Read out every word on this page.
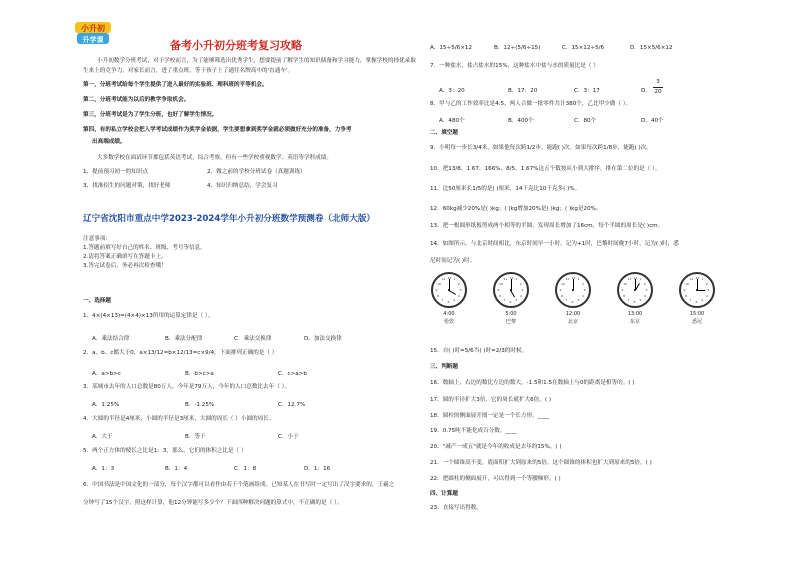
小升初
升学课	备考小升初分班考复习攻略
小升初数学分班考试，对于学校而言，为了能够筛选出优秀学生，想要提前了解学生的知识储备和学习能力，掌握学校的择优录取
生来上的竞争力。对家长而言，进了重点班，等于孩子上了通往名牌高中的'直通车'。
第一，分班考试给每个学生提供了进入最好的实验班、理科班的平等机会。
第二，分班考试能为以后的教学争取机会。
第三，分班考试是为了学生分班，也好了解学生情况。
第四，有的私立学校会把入学考试成绩作为奖学金依据，学生要想拿到奖学金就必须做好充分的准备，力争考
出高端成绩。
大多数学校在面试环节都包括英语考试，综合考察，但有一些学校重视数学、英语等学科成绩。
1、提前预习初一的知识点	2、做之前的学校分班试卷（真题训练）
3、找准招生的问题对策，找好老师	4、知识归纳总结，学会复习
辽宁省沈阳市重点中学2023-2024学年小升初分班数学预测卷（北师大版）
注意事项：
1.答题前填写好自己的姓名、班级、考号等信息。
2.请将答案正确填写在答题卡上。
3.答完试卷后，务必再次检查哦！
一、选择题
1．4×(4×13)=(4×4)×13所用的运算定律是（ ）。
A．乘法结合律	B．乘法分配律	C．乘法交换律	D．加法交换律
2．a、b、c都大于0，a×13/12=b×12/13=c×9/4，下面排列正确的是（ ）
A．a>b>c	B．b>c>a	C．c>a>b
3．某城市去年的人口总数是80万人，今年是79万人，今年的人口总数比去年（ ）。
A．1.25%	B．-1.25%	C．12.7%
4．大圆的半径是4厘米，小圆的半径是3厘米，大圆的周长（ ）小圆的周长。
A．大于	B．等于	C．小于
5．两个正方体的棱长之比是1：3，那么，它们的体积之比是（ ）
A．1：3	B．1：4	C．1：8	D．1：16
6．中国书法是中国文化的一部分，每个汉字都可以看作由若干个笔画组成。已知某人在书写时一定写出了汉字要求的，王羲之
分钟写了15个汉字，照这样计算，他12分钟能写多少个？下面四种解决问题的算式中，不正确的是（ ）。
A．15÷5/6×12	B．12÷(5/6÷15)	C．15×12÷5/6	D．15×5/6×12
7．一种盐水，盐占盐水的15%，这种盐水中盐与水的质量比是（ ）
A．3：20	B．17：20	C．3：17	D．
3
20
8．甲与乙的工作效率比是4:5，两人合做一批零件共计380个，乙比甲少做（ ）。
A．480个	B．400个	C．80个	D．40个
二、填空题
9．小明每一步长3/4米，如果他每次跨1/2步，能跑( )次。如果每次跨1/8步，能跑( )次。
10．把13/8、1.67、166%、8/5、1.67%这五个数按从小到大排序，排在第二位的是（ ）。
11．比50厘米长1/5的是( )厘米，14千克比10千克多( )%。
12．60kg减少20%是( )kg；( )kg增加20%是( )kg；( )kg是20%。
13．把一根圆形纸板剪成两个相等的半圆，发现周长增加了16cm，每个半圆的周长是( )cm。
14．如图所示，与北京时间相比，东京时间早一小时，记为+1时，巴黎时间晚7小时，记为( )时，悉
尼时间记为( )时。
1
2
3
4
5
6
7
8
9
10
11 12
4:00
伦敦
1
2
3
4
5
6
7
8
9
10
11 12
5:00
巴黎
1
2
3
4
5
6
7
8
9
10
11 12
12:00
北京
1
2
3
4
5
6
7
8
9
10
11 12
13:00
东京
1
2
3
4
5
6
7
8
9
10
11 12
15:00
悉尼
15．自( )时=5/6当( )时=2/3的时候。
三、判断题
16．数轴上，右边的数比左边的数大，-1.5和1.5在数轴上与0的距离是相等的。( )
17．圆的半径扩大3倍，它的周长就扩大6倍。( )
18．圆柱的侧面展开图一定是一个长方形。____
19．0.75吨不能化成百分数。____
20．"减产一成五"就是今年的收成是去年的15%。( )
21．一个圆锥高不变，底面积扩大到原来的5倍，这个圆锥的体积也扩大到原来的5倍。( )
22．把圆柱的侧面展开，可以得到一个等腰梯形。( )
四、计算题
23．直接写出得数。
